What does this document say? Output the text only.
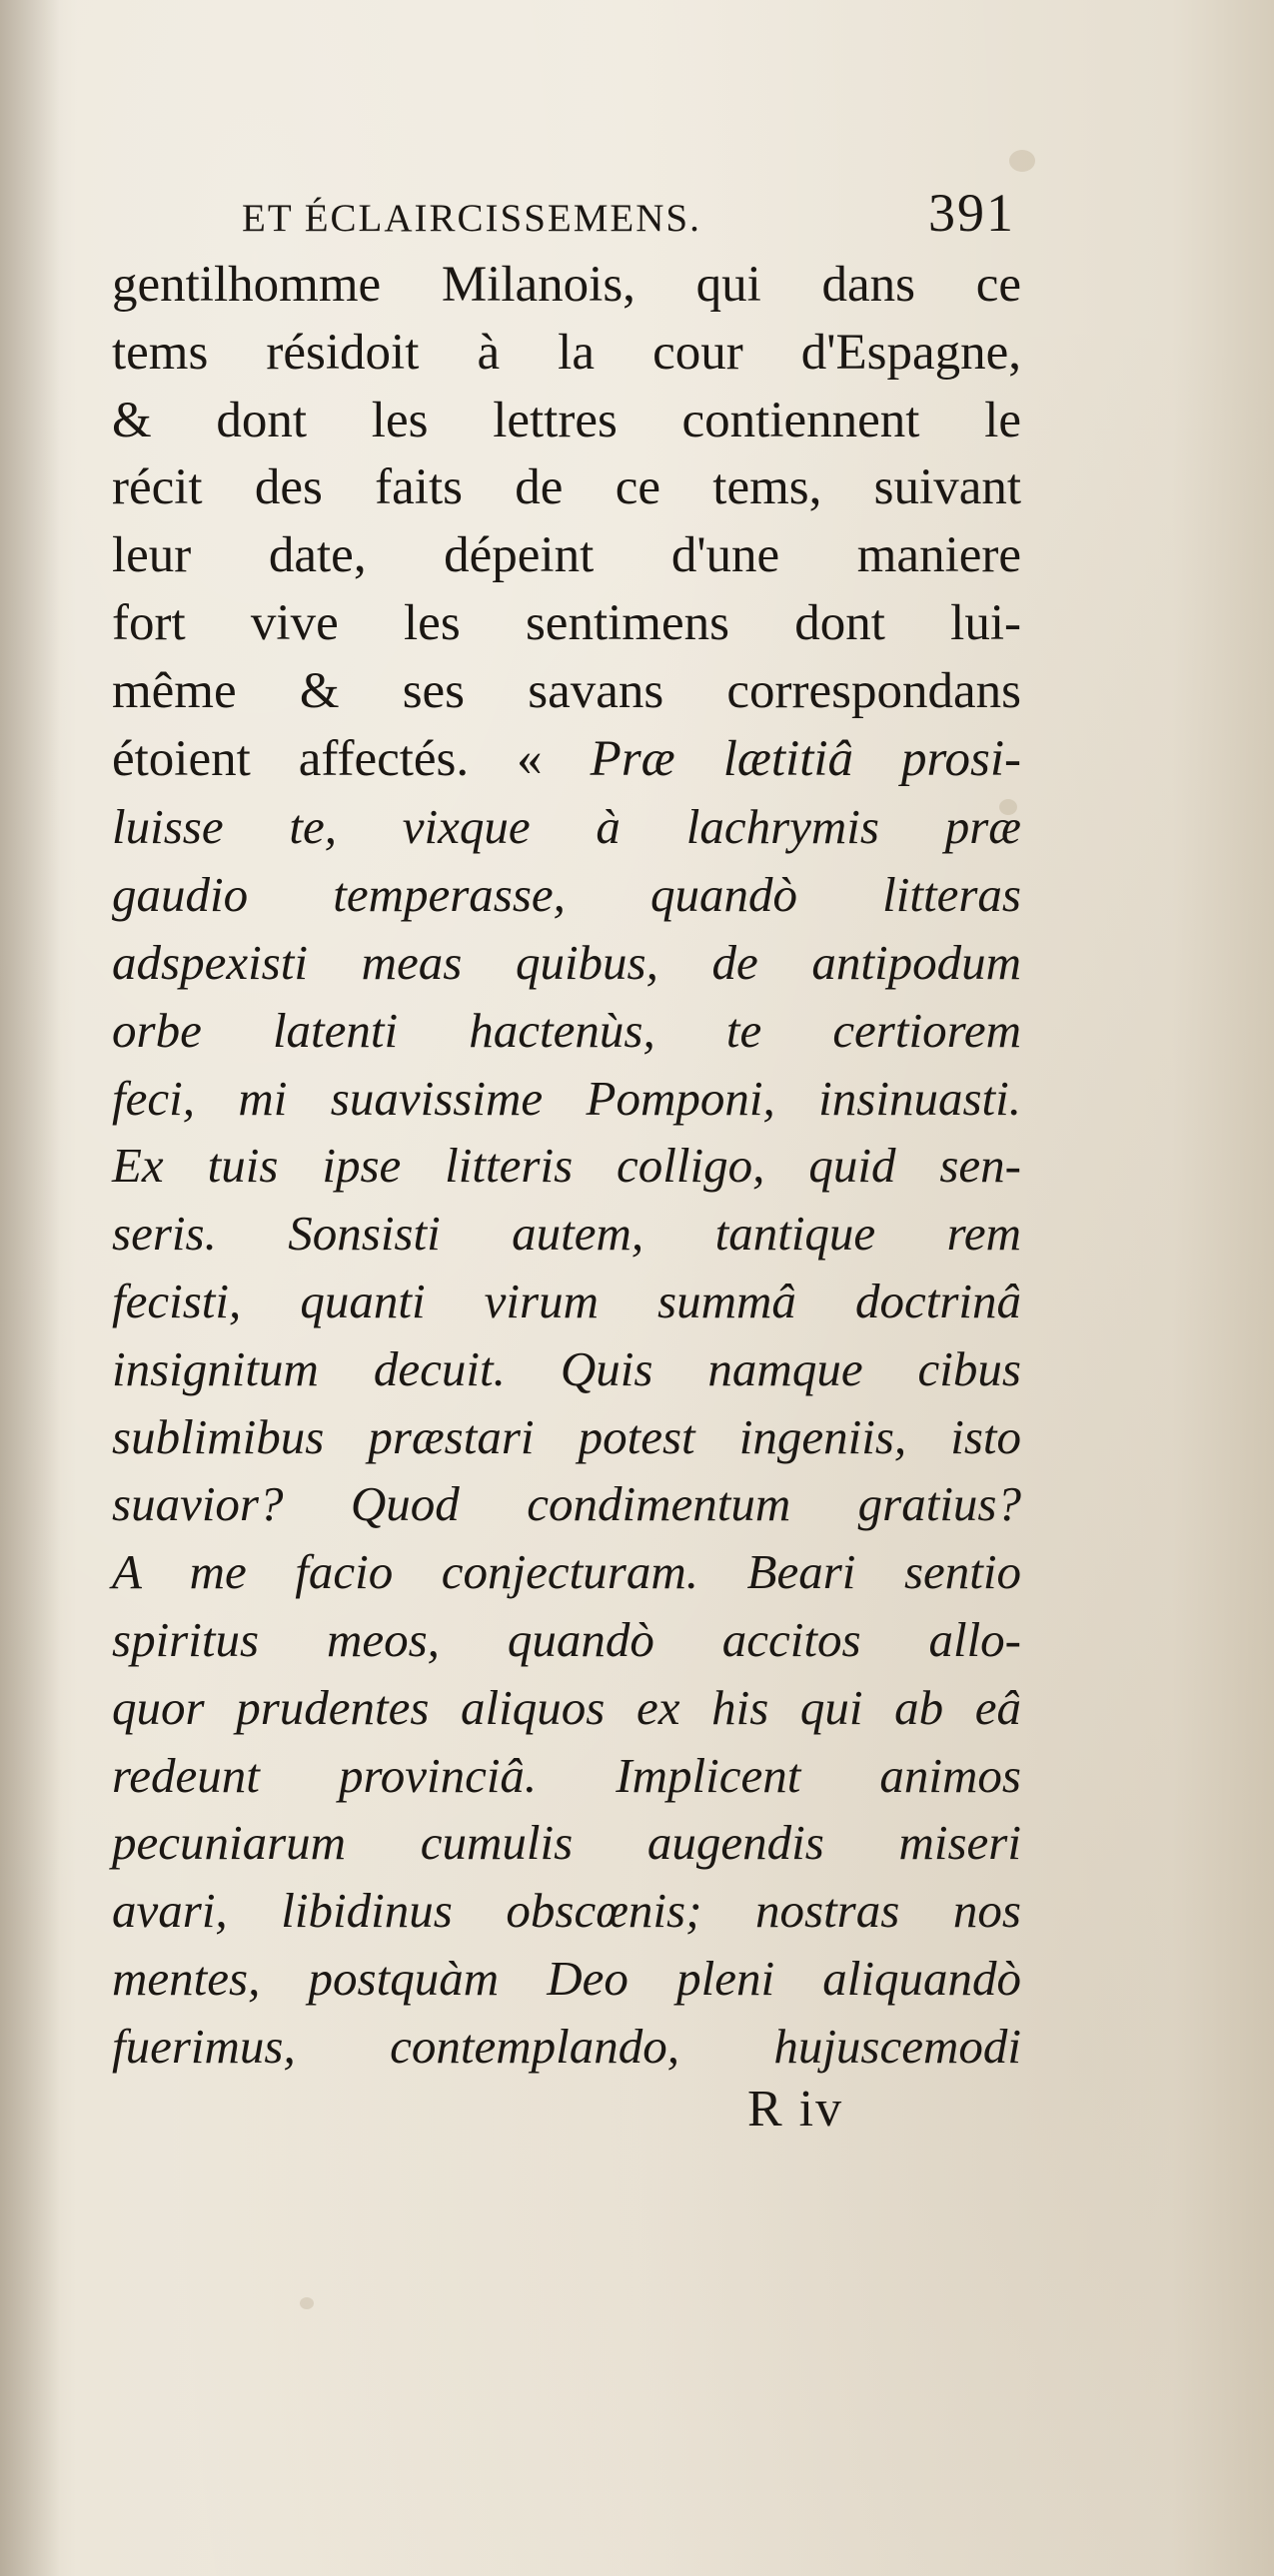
ET ÉCLAIRCISSEMENS.	391
gentilhomme Milanois, qui dans ce
tems résidoit à la cour d'Espagne,
& dont les lettres contiennent le
récit des faits de ce tems, suivant
leur date, dépeint d'une maniere
fort vive les sentimens dont lui-
même & ses savans correspondans
étoient affectés. « Præ lætitiâ prosi-
luisse te, vixque à lachrymis præ
gaudio temperasse, quandò litteras
adspexisti meas quibus, de antipodum
orbe latenti hactenùs, te certiorem
feci, mi suavissime Pomponi, insinuasti.
Ex tuis ipse litteris colligo, quid sen-
seris. Sonsisti autem, tantique rem
fecisti, quanti virum summâ doctrinâ
insignitum decuit. Quis namque cibus
sublimibus præstari potest ingeniis, isto
suavior? Quod condimentum gratius?
A me facio conjecturam. Beari sentio
spiritus meos, quandò accitos allo-
quor prudentes aliquos ex his qui ab eâ
redeunt provinciâ. Implicent animos
pecuniarum cumulis augendis miseri
avari, libidinus obscœnis; nostras nos
mentes, postquàm Deo pleni aliquandò
fuerimus, contemplando, hujuscemodi
R iv
